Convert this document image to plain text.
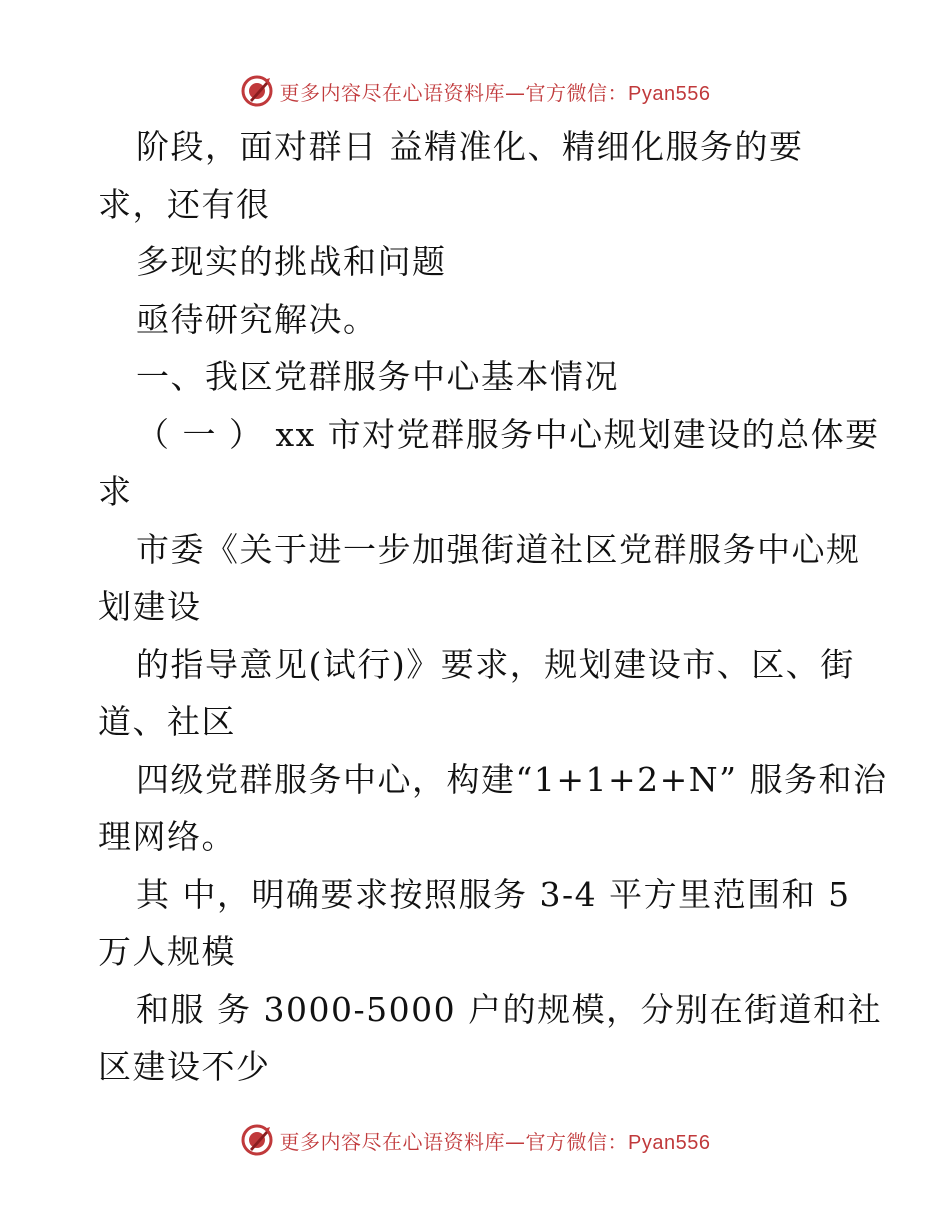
更多内容尽在心语资料库—官方微信：Pyan556
阶段，面对群日 益精准化、精细化服务的要
求，还有很
多现实的挑战和问题
亟待研究解决。
一、我区党群服务中心基本情况
（ 一 ） xx 市对党群服务中心规划建设的总体要
求
市委《关于进一步加强街道社区党群服务中心规
划建设
的指导意见(试行)》要求，规划建设市、区、街
道、社区
四级党群服务中心，构建“1+1+2+N” 服务和治
理网络。
其 中，明确要求按照服务 3-4 平方里范围和 5
万人规模
和服 务 3000-5000 户的规模，分别在街道和社
区建设不少
更多内容尽在心语资料库—官方微信：Pyan556
